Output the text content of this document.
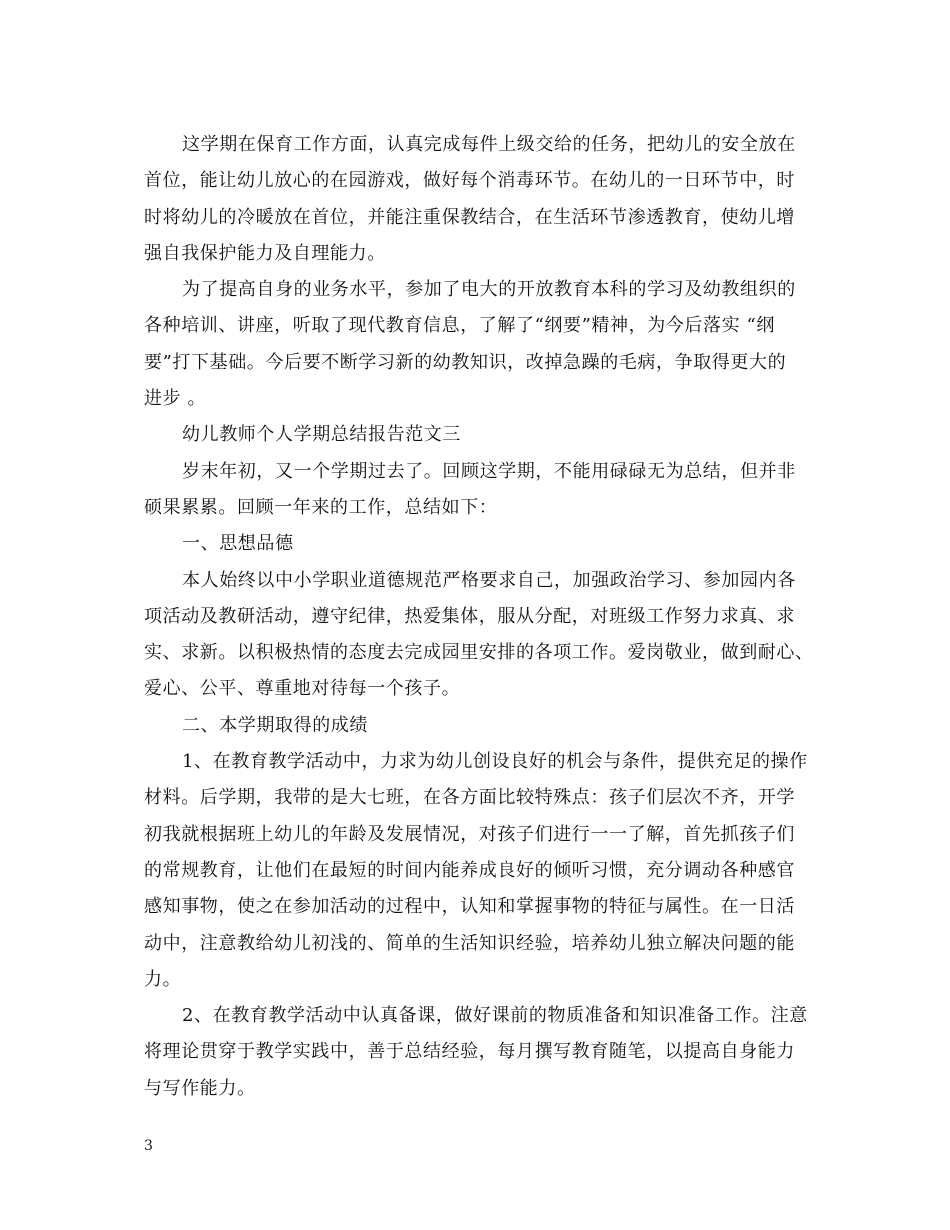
这学期在保育工作方面，认真完成每件上级交给的任务，把幼儿的安全放在
首位，能让幼儿放心的在园游戏，做好每个消毒环节。在幼儿的一日环节中，时
时将幼儿的冷暖放在首位，并能注重保教结合，在生活环节渗透教育，使幼儿增
强自我保护能力及自理能力。

为了提高自身的业务水平，参加了电大的开放教育本科的学习及幼教组织的
各种培训、讲座，听取了现代教育信息，了解了“纲要”精神，为今后落实 “纲
要”打下基础。今后要不断学习新的幼教知识，改掉急躁的毛病，争取得更大的
进步 。

幼儿教师个人学期总结报告范文三

岁末年初，又一个学期过去了。回顾这学期，不能用碌碌无为总结，但并非
硕果累累。回顾一年来的工作，总结如下：

一、思想品德

本人始终以中小学职业道德规范严格要求自己，加强政治学习、参加园内各
项活动及教研活动，遵守纪律，热爱集体，服从分配，对班级工作努力求真、求
实、求新。以积极热情的态度去完成园里安排的各项工作。爱岗敬业，做到耐心、
爱心、公平、尊重地对待每一个孩子。

二、本学期取得的成绩

1、在教育教学活动中，力求为幼儿创设良好的机会与条件，提供充足的操作
材料。后学期，我带的是大七班，在各方面比较特殊点：孩子们层次不齐，开学
初我就根据班上幼儿的年龄及发展情况，对孩子们进行一一了解，首先抓孩子们
的常规教育，让他们在最短的时间内能养成良好的倾听习惯，充分调动各种感官
感知事物，使之在参加活动的过程中，认知和掌握事物的特征与属性。在一日活
动中，注意教给幼儿初浅的、简单的生活知识经验，培养幼儿独立解决问题的能
力。

2、在教育教学活动中认真备课，做好课前的物质准备和知识准备工作。注意
将理论贯穿于教学实践中，善于总结经验，每月撰写教育随笔，以提高自身能力
与写作能力。

3
